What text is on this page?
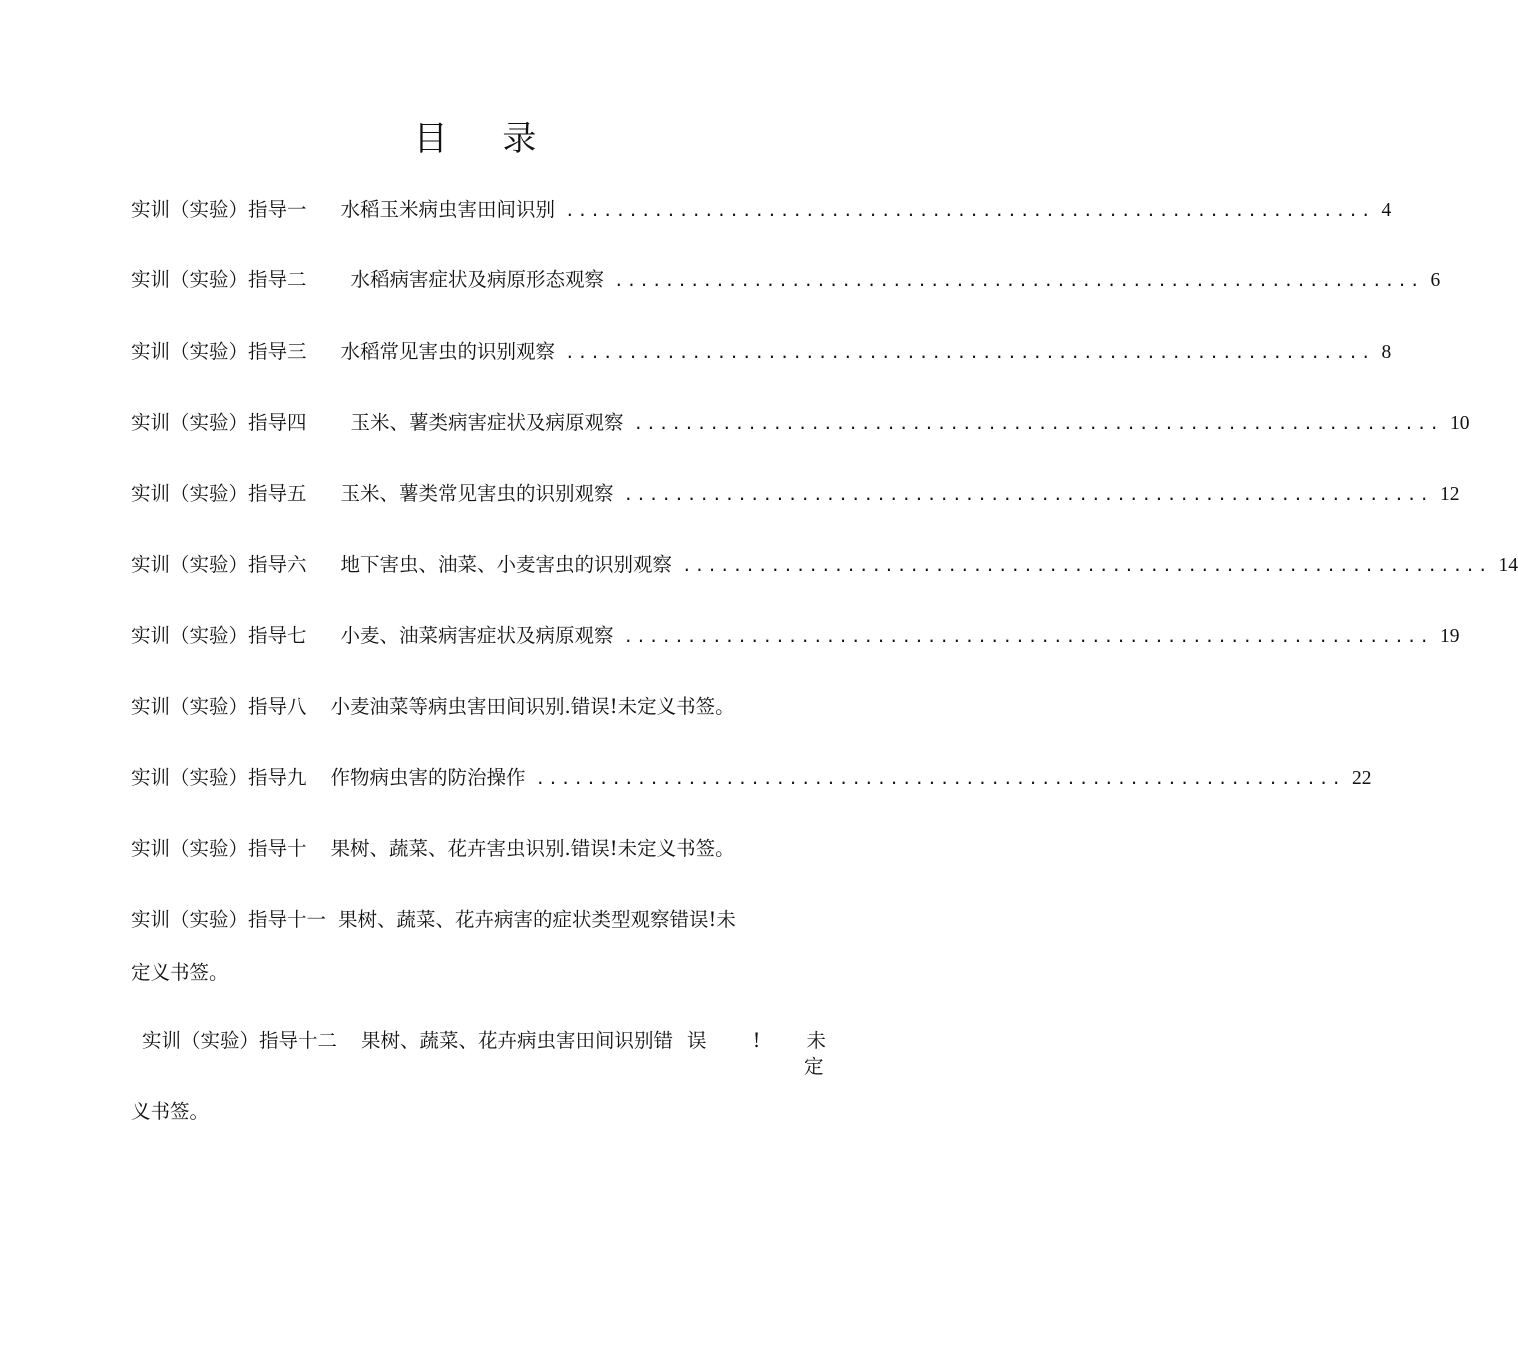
目 录
实训（实验）指导一 水稻玉米病虫害田间识别 ................................................................ 4
实训（实验）指导二 水稻病害症状及病原形态观察 ................................................................ 6
实训（实验）指导三 水稻常见害虫的识别观察 ................................................................ 8
实训（实验）指导四 玉米、薯类病害症状及病原观察 ................................................................ 10
实训（实验）指导五 玉米、薯类常见害虫的识别观察 ................................................................ 12
实训（实验）指导六 地下害虫、油菜、小麦害虫的识别观察 ................................................................ 14
实训（实验）指导七 小麦、油菜病害症状及病原观察 ................................................................ 19
实训（实验）指导八 小麦油菜等病虫害田间识别 .错误!未定义书签。
实训（实验）指导九 作物病虫害的防治操作 ................................................................ 22
实训（实验）指导十 果树、蔬菜、花卉害虫识别 .错误!未定义书签。
实训（实验）指导十一 果树、蔬菜、花卉病害的症状类型观察错误!未
定义书签。
实训（实验）指导十二 果树、蔬菜、花卉病虫害田间识别错 误 ! 未
定
义书签。
